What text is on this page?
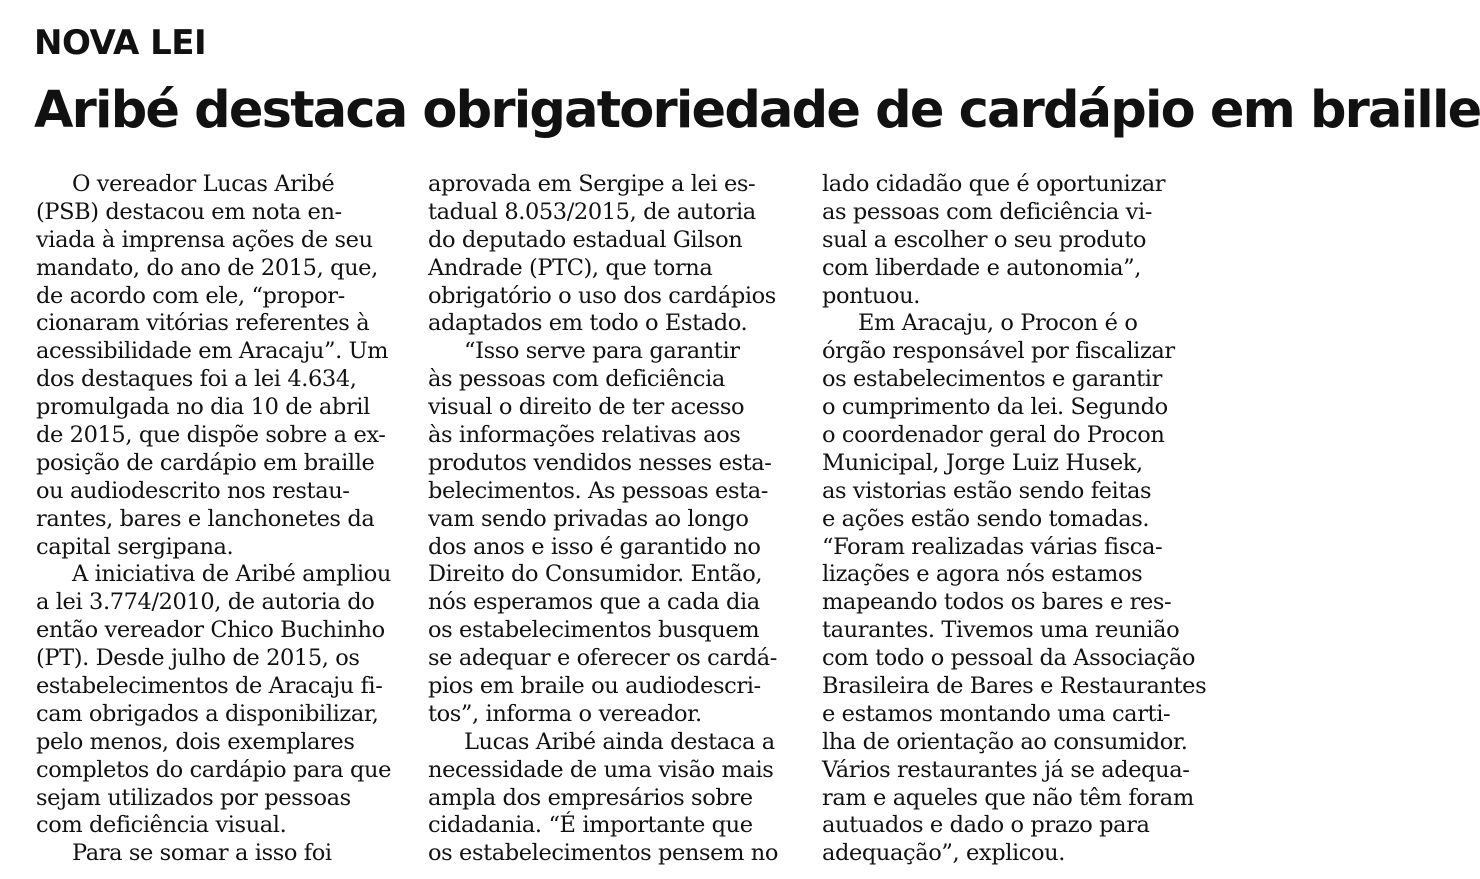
NOVA LEI
Aribé destaca obrigatoriedade de cardápio em braille
O vereador Lucas Aribé
(PSB) destacou em nota en-
viada à imprensa ações de seu
mandato, do ano de 2015, que,
de acordo com ele, “propor-
cionaram vitórias referentes à
acessibilidade em Aracaju”. Um
dos destaques foi a lei 4.634,
promulgada no dia 10 de abril
de 2015, que dispõe sobre a ex-
posição de cardápio em braille
ou audiodescrito nos restau-
rantes, bares e lanchonetes da
capital sergipana.
A iniciativa de Aribé ampliou
a lei 3.774/2010, de autoria do
então vereador Chico Buchinho
(PT). Desde julho de 2015, os
estabelecimentos de Aracaju fi-
cam obrigados a disponibilizar,
pelo menos, dois exemplares
completos do cardápio para que
sejam utilizados por pessoas
com deficiência visual.
Para se somar a isso foi
aprovada em Sergipe a lei es-
tadual 8.053/2015, de autoria
do deputado estadual Gilson
Andrade (PTC), que torna
obrigatório o uso dos cardápios
adaptados em todo o Estado.
“Isso serve para garantir
às pessoas com deficiência
visual o direito de ter acesso
às informações relativas aos
produtos vendidos nesses esta-
belecimentos. As pessoas esta-
vam sendo privadas ao longo
dos anos e isso é garantido no
Direito do Consumidor. Então,
nós esperamos que a cada dia
os estabelecimentos busquem
se adequar e oferecer os cardá-
pios em braile ou audiodescri-
tos”, informa o vereador.
Lucas Aribé ainda destaca a
necessidade de uma visão mais
ampla dos empresários sobre
cidadania. “É importante que
os estabelecimentos pensem no
lado cidadão que é oportunizar
as pessoas com deficiência vi-
sual a escolher o seu produto
com liberdade e autonomia”,
pontuou.
Em Aracaju, o Procon é o
órgão responsável por fiscalizar
os estabelecimentos e garantir
o cumprimento da lei. Segundo
o coordenador geral do Procon
Municipal, Jorge Luiz Husek,
as vistorias estão sendo feitas
e ações estão sendo tomadas.
“Foram realizadas várias fisca-
lizações e agora nós estamos
mapeando todos os bares e res-
taurantes. Tivemos uma reunião
com todo o pessoal da Associação
Brasileira de Bares e Restaurantes
e estamos montando uma carti-
lha de orientação ao consumidor.
Vários restaurantes já se adequa-
ram e aqueles que não têm foram
autuados e dado o prazo para
adequação”, explicou.
